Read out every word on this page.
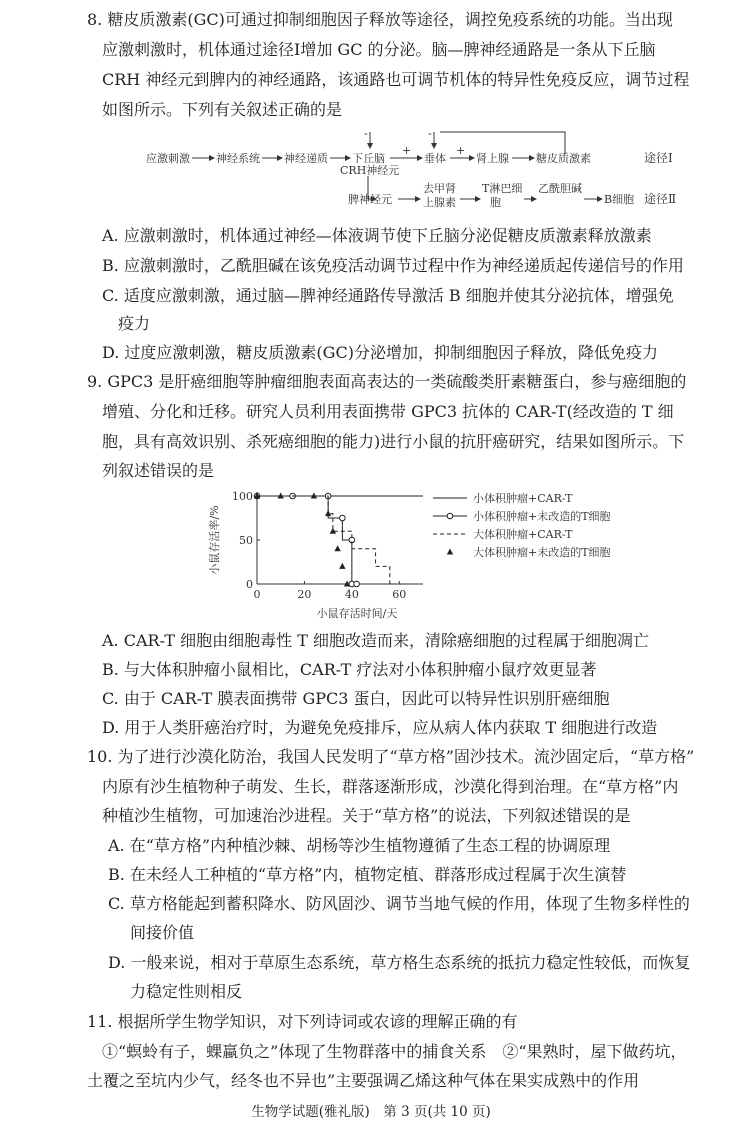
8. 糖皮质激素(GC)可通过抑制细胞因子释放等途径，调控免疫系统的功能。当出现
应激刺激时，机体通过途径Ⅰ增加 GC 的分泌。脑—脾神经通路是一条从下丘脑
CRH 神经元到脾内的神经通路，该通路也可调节机体的特异性免疫反应，调节过程
如图所示。下列有关叙述正确的是
应激刺激 神经系统 神经递质 下丘脑
CRH神经元
-
+
垂体
-
+
肾上腺 糖皮质激素	途径Ⅰ
脾神经元
去甲肾
上腺素
T淋巴细
胞
乙酰胆碱
B细胞 途径Ⅱ
A. 应激刺激时，机体通过神经—体液调节使下丘脑分泌促糖皮质激素释放激素
B. 应激刺激时，乙酰胆碱在该免疫活动调节过程中作为神经递质起传递信号的作用
C. 适度应激刺激，通过脑—脾神经通路传导激活 B 细胞并使其分泌抗体，增强免
疫力
D. 过度应激刺激，糖皮质激素(GC)分泌增加，抑制细胞因子释放，降低免疫力
9. GPC3 是肝癌细胞等肿瘤细胞表面高表达的一类硫酸类肝素糖蛋白，参与癌细胞的
增殖、分化和迁移。研究人员利用表面携带 GPC3 抗体的 CAR-T(经改造的 T 细
胞，具有高效识别、杀死癌细胞的能力)进行小鼠的抗肝癌研究，结果如图所示。下
列叙述错误的是
0	20	40	60
0
50
100	小体积肿瘤+CAR-T
小体积肿瘤+未改造的T细胞
大体积肿瘤+CAR-T
大体积肿瘤+未改造的T细胞
小鼠存活时间/天
小鼠存活率/%
A. CAR-T 细胞由细胞毒性 T 细胞改造而来，清除癌细胞的过程属于细胞凋亡
B. 与大体积肿瘤小鼠相比，CAR-T 疗法对小体积肿瘤小鼠疗效更显著
C. 由于 CAR-T 膜表面携带 GPC3 蛋白，因此可以特异性识别肝癌细胞
D. 用于人类肝癌治疗时，为避免免疫排斥，应从病人体内获取 T 细胞进行改造
10. 为了进行沙漠化防治，我国人民发明了“草方格”固沙技术。流沙固定后，“草方格”
内原有沙生植物种子萌发、生长，群落逐渐形成，沙漠化得到治理。在“草方格”内
种植沙生植物，可加速治沙进程。关于“草方格”的说法，下列叙述错误的是
A. 在“草方格”内种植沙棘、胡杨等沙生植物遵循了生态工程的协调原理
B. 在未经人工种植的“草方格”内，植物定植、群落形成过程属于次生演替
C. 草方格能起到蓄积降水、防风固沙、调节当地气候的作用，体现了生物多样性的
间接价值
D. 一般来说，相对于草原生态系统，草方格生态系统的抵抗力稳定性较低，而恢复
力稳定性则相反
11. 根据所学生物学知识，对下列诗词或农谚的理解正确的有
①“螟蛉有子，蜾蠃负之”体现了生物群落中的捕食关系　②“果熟时，屋下做药坑，
土覆之至坑内少气，经冬也不异也”主要强调乙烯这种气体在果实成熟中的作用
生物学试题(雅礼版)　第 3 页(共 10 页)
